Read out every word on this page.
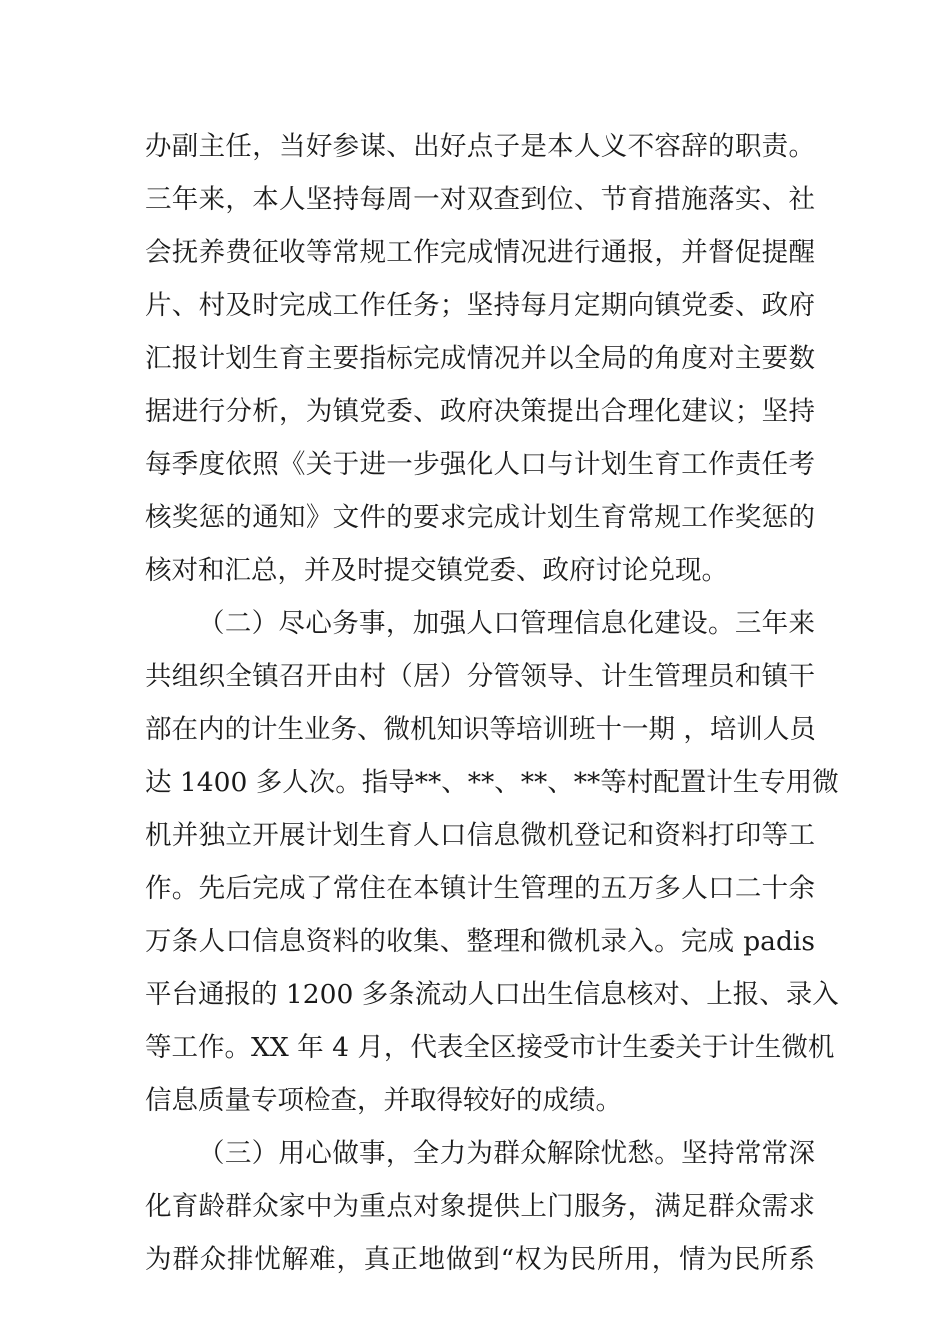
办副主任，当好参谋、出好点子是本人义不容辞的职责。
三年来，本人坚持每周一对双查到位、节育措施落实、社
会抚养费征收等常规工作完成情况进行通报，并督促提醒
片、村及时完成工作任务；坚持每月定期向镇党委、政府
汇报计划生育主要指标完成情况并以全局的角度对主要数
据进行分析，为镇党委、政府决策提出合理化建议；坚持
每季度依照《关于进一步强化人口与计划生育工作责任考
核奖惩的通知》文件的要求完成计划生育常规工作奖惩的
核对和汇总，并及时提交镇党委、政府讨论兑现。
（二）尽心务事，加强人口管理信息化建设。三年来
共组织全镇召开由村（居）分管领导、计生管理员和镇干
部在内的计生业务、微机知识等培训班十一期 ，培训人员
达 1400 多人次。指导**、**、**、**等村配置计生专用微
机并独立开展计划生育人口信息微机登记和资料打印等工
作。先后完成了常住在本镇计生管理的五万多人口二十余
万条人口信息资料的收集、整理和微机录入。完成 padis
平台通报的 1200 多条流动人口出生信息核对、上报、录入
等工作。XX 年 4 月，代表全区接受市计生委关于计生微机
信息质量专项检查，并取得较好的成绩。
（三）用心做事，全力为群众解除忧愁。坚持常常深
化育龄群众家中为重点对象提供上门服务，满足群众需求
为群众排忧解难，真正地做到“权为民所用，情为民所系
